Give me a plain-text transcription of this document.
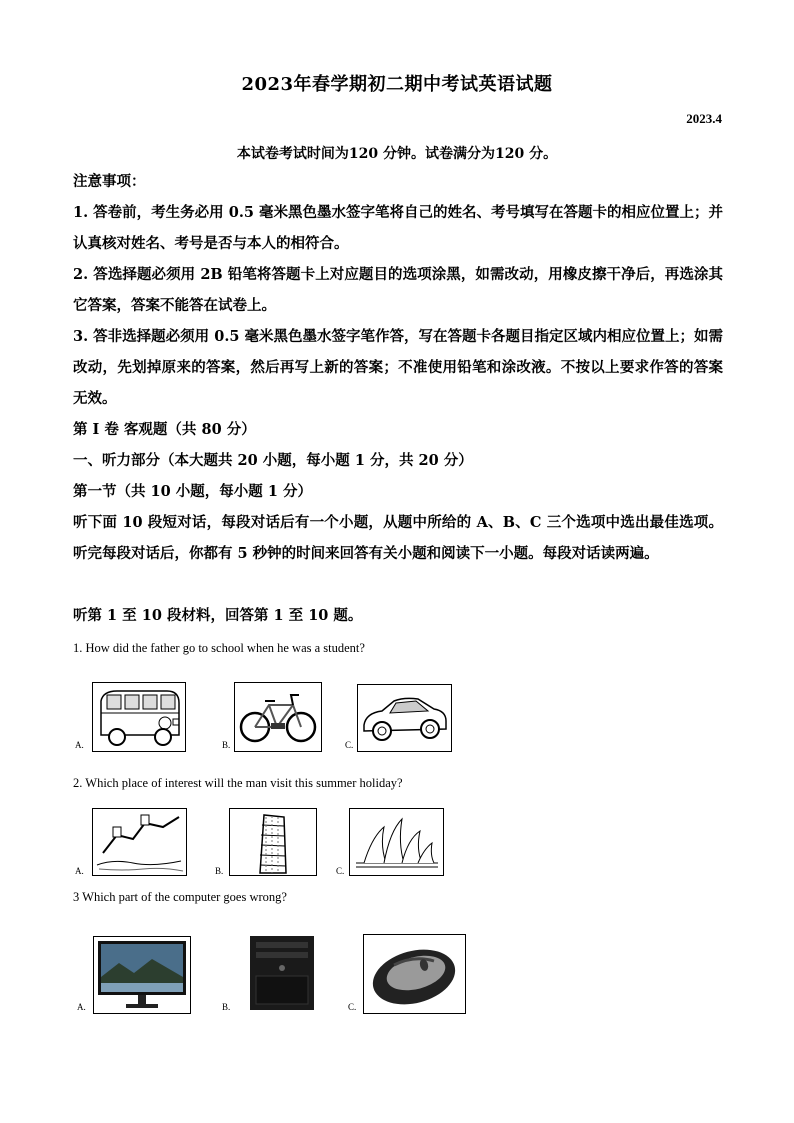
2023年春学期初二期中考试英语试题
2023.4
本试卷考试时间为120 分钟。试卷满分为120 分。
注意事项：
1. 答卷前，考生务必用 0.5 毫米黑色墨水签字笔将自己的姓名、考号填写在答题卡的相应位置上；并认真核对姓名、考号是否与本人的相符合。
2. 答选择题必须用 2B 铅笔将答题卡上对应题目的选项涂黑，如需改动，用橡皮擦干净后，再选涂其它答案，答案不能答在试卷上。
3. 答非选择题必须用 0.5 毫米黑色墨水签字笔作答，写在答题卡各题目指定区域内相应位置上；如需改动，先划掉原来的答案，然后再写上新的答案；不准使用铅笔和涂改液。不按以上要求作答的答案无效。
第 I 卷 客观题（共 80 分）
一、听力部分（本大题共 20 小题，每小题 1 分，共 20 分）
第一节（共 10 小题，每小题 1 分）
听下面 10 段短对话，每段对话后有一个小题，从题中所给的 A、B、C 三个选项中选出最佳选项。听完每段对话后，你都有 5 秒钟的时间来回答有关小题和阅读下一小题。每段对话读两遍。
听第 1 至 10 段材料，回答第 1 至 10 题。
1. How did the father go to school when he was a student?
A.	B.	C.
2. Which place of interest will the man visit this summer holiday?
A.	B.	C.
3 Which part of the computer goes wrong?
A.	B.	C.
